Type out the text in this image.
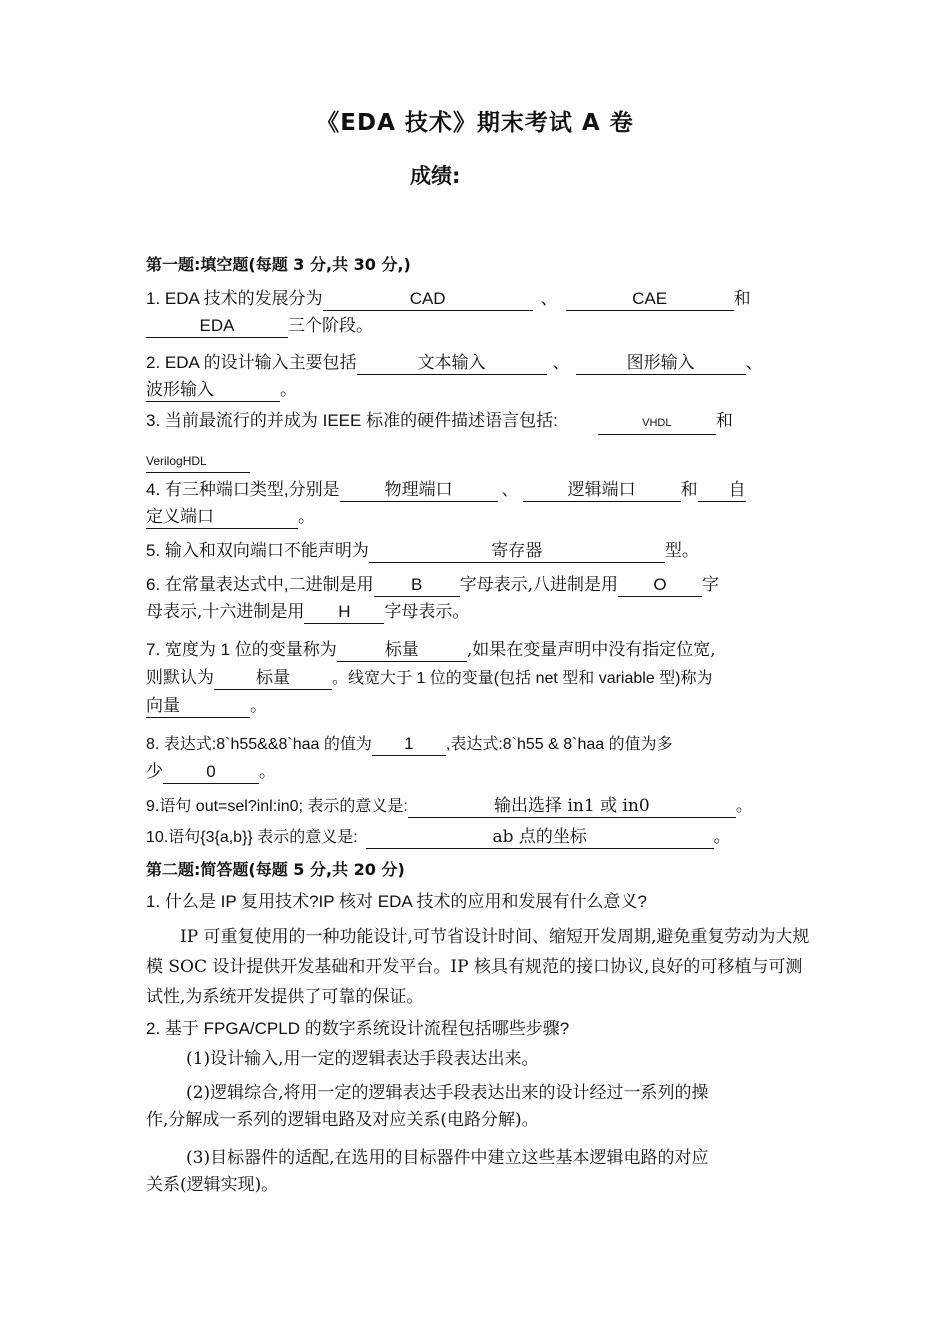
《EDA 技术》期末考试 A 卷
成绩:
第一题:填空题(每题 3 分,共 30 分,)
1. EDA 技术的发展分为	CAD	、	CAE	和
EDA	三个阶段。
2. EDA 的设计输入主要包括	文本输入	、	图形输入	、
波形输入	。
3. 当前最流行的并成为 IEEE 标准的硬件描述语言包括:	VHDL	和
VerilogHDL
4. 有三种端口类型,分别是	物理端口	、	逻辑端口	和 自
定义端口	。
5. 输入和双向端口不能声明为	寄存器	型。
6. 在常量表达式中,二进制是用 B 字母表示,八进制是用 O 字
母表示,十六进制是用 H 字母表示。
7. 宽度为 1 位的变量称为	标量	,如果在变量声明中没有指定位宽,
则默认为 标量	。线宽大于 1 位的变量(包括 net 型和 variable 型)称为
向量	。
8. 表达式:8`h55&&8`haa 的值为 1 ,表达式:8`h55 & 8`haa 的值为多
少	0	。
9.语句 out=sel?inl:in0; 表示的意义是:	输出选择 in1 或 in0	。
10.语句{3{a,b}} 表示的意义是:	ab 点的坐标	。
第二题:简答题(每题 5 分,共 20 分)
1. 什么是 IP 复用技术?IP 核对 EDA 技术的应用和发展有什么意义?
IP 可重复使用的一种功能设计,可节省设计时间、缩短开发周期,避免重复劳动为大规模 SOC 设计提供开发基础和开发平台。IP 核具有规范的接口协议,良好的可移植与可测试性,为系统开发提供了可靠的保证。
2. 基于 FPGA/CPLD 的数字系统设计流程包括哪些步骤?
(1)设计输入,用一定的逻辑表达手段表达出来。
(2)逻辑综合,将用一定的逻辑表达手段表达出来的设计经过一系列的操
作,分解成一系列的逻辑电路及对应关系(电路分解)。
(3)目标器件的适配,在选用的目标器件中建立这些基本逻辑电路的对应
关系(逻辑实现)。
